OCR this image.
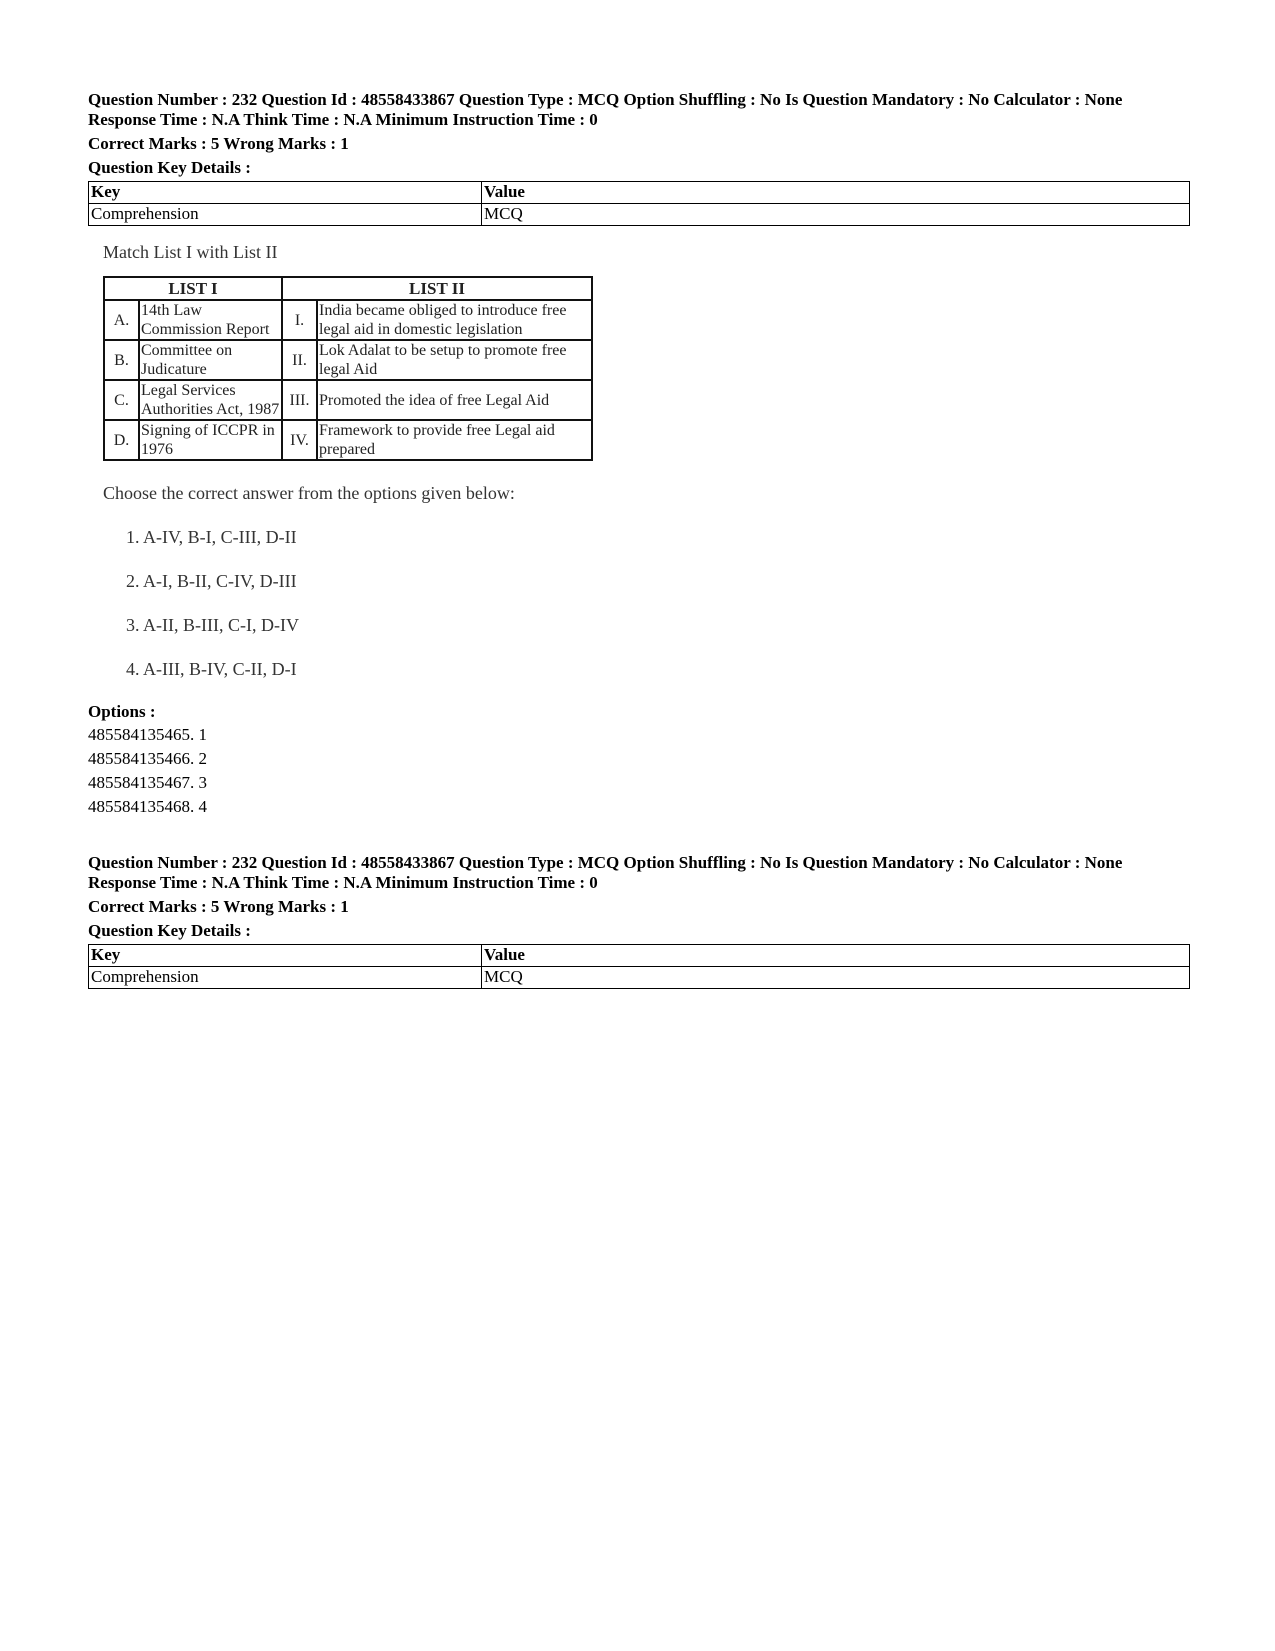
Question Number : 232 Question Id : 48558433867 Question Type : MCQ Option Shuffling : No Is Question Mandatory : No Calculator : None
Response Time : N.A Think Time : N.A Minimum Instruction Time : 0
Correct Marks : 5 Wrong Marks : 1
Question Key Details :
Key	Value
Comprehension	MCQ
Match List I with List II
LIST I		LIST II	
A.	14th Law Commission Report	I.	India became obliged to introduce free legal aid in domestic legislation
B.	Committee on Judicature	II.	Lok Adalat to be setup to promote free legal Aid
C.	Legal Services Authorities Act, 1987	III.	Promoted the idea of free Legal Aid
D.	Signing of ICCPR in 1976	IV.	Framework to provide free Legal aid prepared
Choose the correct answer from the options given below:
1. A-IV, B-I, C-III, D-II
2. A-I, B-II, C-IV, D-III
3. A-II, B-III, C-I, D-IV
4. A-III, B-IV, C-II, D-I
Options :
485584135465. 1
485584135466. 2
485584135467. 3
485584135468. 4
Question Number : 232 Question Id : 48558433867 Question Type : MCQ Option Shuffling : No Is Question Mandatory : No Calculator : None
Response Time : N.A Think Time : N.A Minimum Instruction Time : 0
Correct Marks : 5 Wrong Marks : 1
Question Key Details :
Key	Value
Comprehension	MCQ
